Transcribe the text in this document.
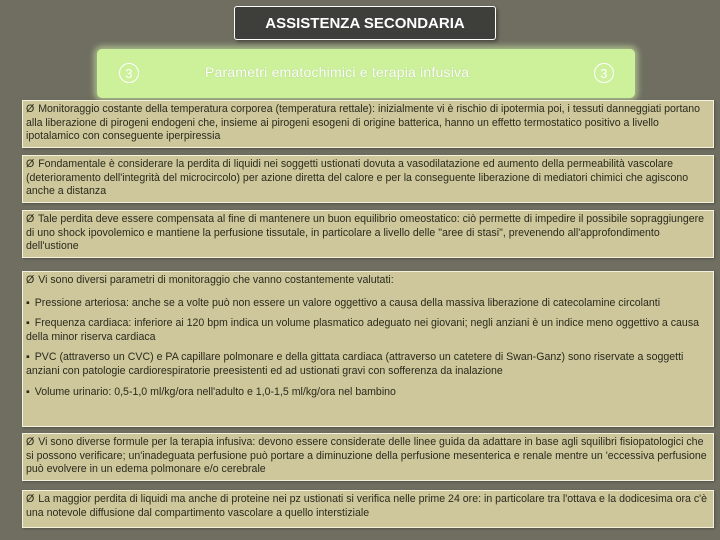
ASSISTENZA SECONDARIA
3	Parametri ematochimici e terapia infusiva	3

Ø Monitoraggio costante della temperatura corporea (temperatura rettale): inizialmente vi è rischio di ipotermia poi, i tessuti danneggiati portano alla liberazione di pirogeni endogeni che, insieme ai pirogeni esogeni di origine batterica, hanno un effetto termostatico positivo a livello ipotalamico con conseguente iperpiressia

Ø Fondamentale è considerare la perdita di liquidi nei soggetti ustionati dovuta a vasodilatazione ed aumento della permeabilità vascolare (deterioramento dell'integrità del microcircolo) per azione diretta del calore e per la conseguente liberazione di mediatori chimici che agiscono anche a distanza

Ø Tale perdita deve essere compensata al fine di mantenere un buon equilibrio omeostatico: ciò permette di impedire il possibile sopraggiungere di uno shock ipovolemico e mantiene la perfusione tissutale, in particolare a livello delle "aree di stasi", prevenendo all'approfondimento dell'ustione

Ø Vi sono diversi parametri di monitoraggio che vanno costantemente valutati:

▪ Pressione arteriosa: anche se a volte può non essere un valore oggettivo a causa della massiva liberazione di catecolamine circolanti

▪ Frequenza cardiaca: inferiore ai 120 bpm indica un volume plasmatico adeguato nei giovani; negli anziani è un indice meno oggettivo a causa della minor riserva cardiaca

▪ PVC (attraverso un CVC) e PA capillare polmonare e della gittata cardiaca (attraverso un catetere di Swan-Ganz) sono riservate a soggetti anziani con patologie cardiorespiratorie preesistenti ed ad ustionati gravi con sofferenza da inalazione

▪ Volume urinario: 0,5-1,0 ml/kg/ora nell'adulto e 1,0-1,5 ml/kg/ora nel bambino

Ø Vi sono diverse formule per la terapia infusiva: devono essere considerate delle linee guida da adattare in base agli squilibri fisiopatologici che si possono verificare; un'inadeguata perfusione può portare a diminuzione della perfusione mesenterica e renale mentre un 'eccessiva perfusione può evolvere in un edema polmonare e/o cerebrale

Ø La maggior perdita di liquidi ma anche di proteine nei pz ustionati si verifica nelle prime 24 ore: in particolare tra l'ottava e la dodicesima ora c'è una notevole diffusione dal compartimento vascolare a quello interstiziale
